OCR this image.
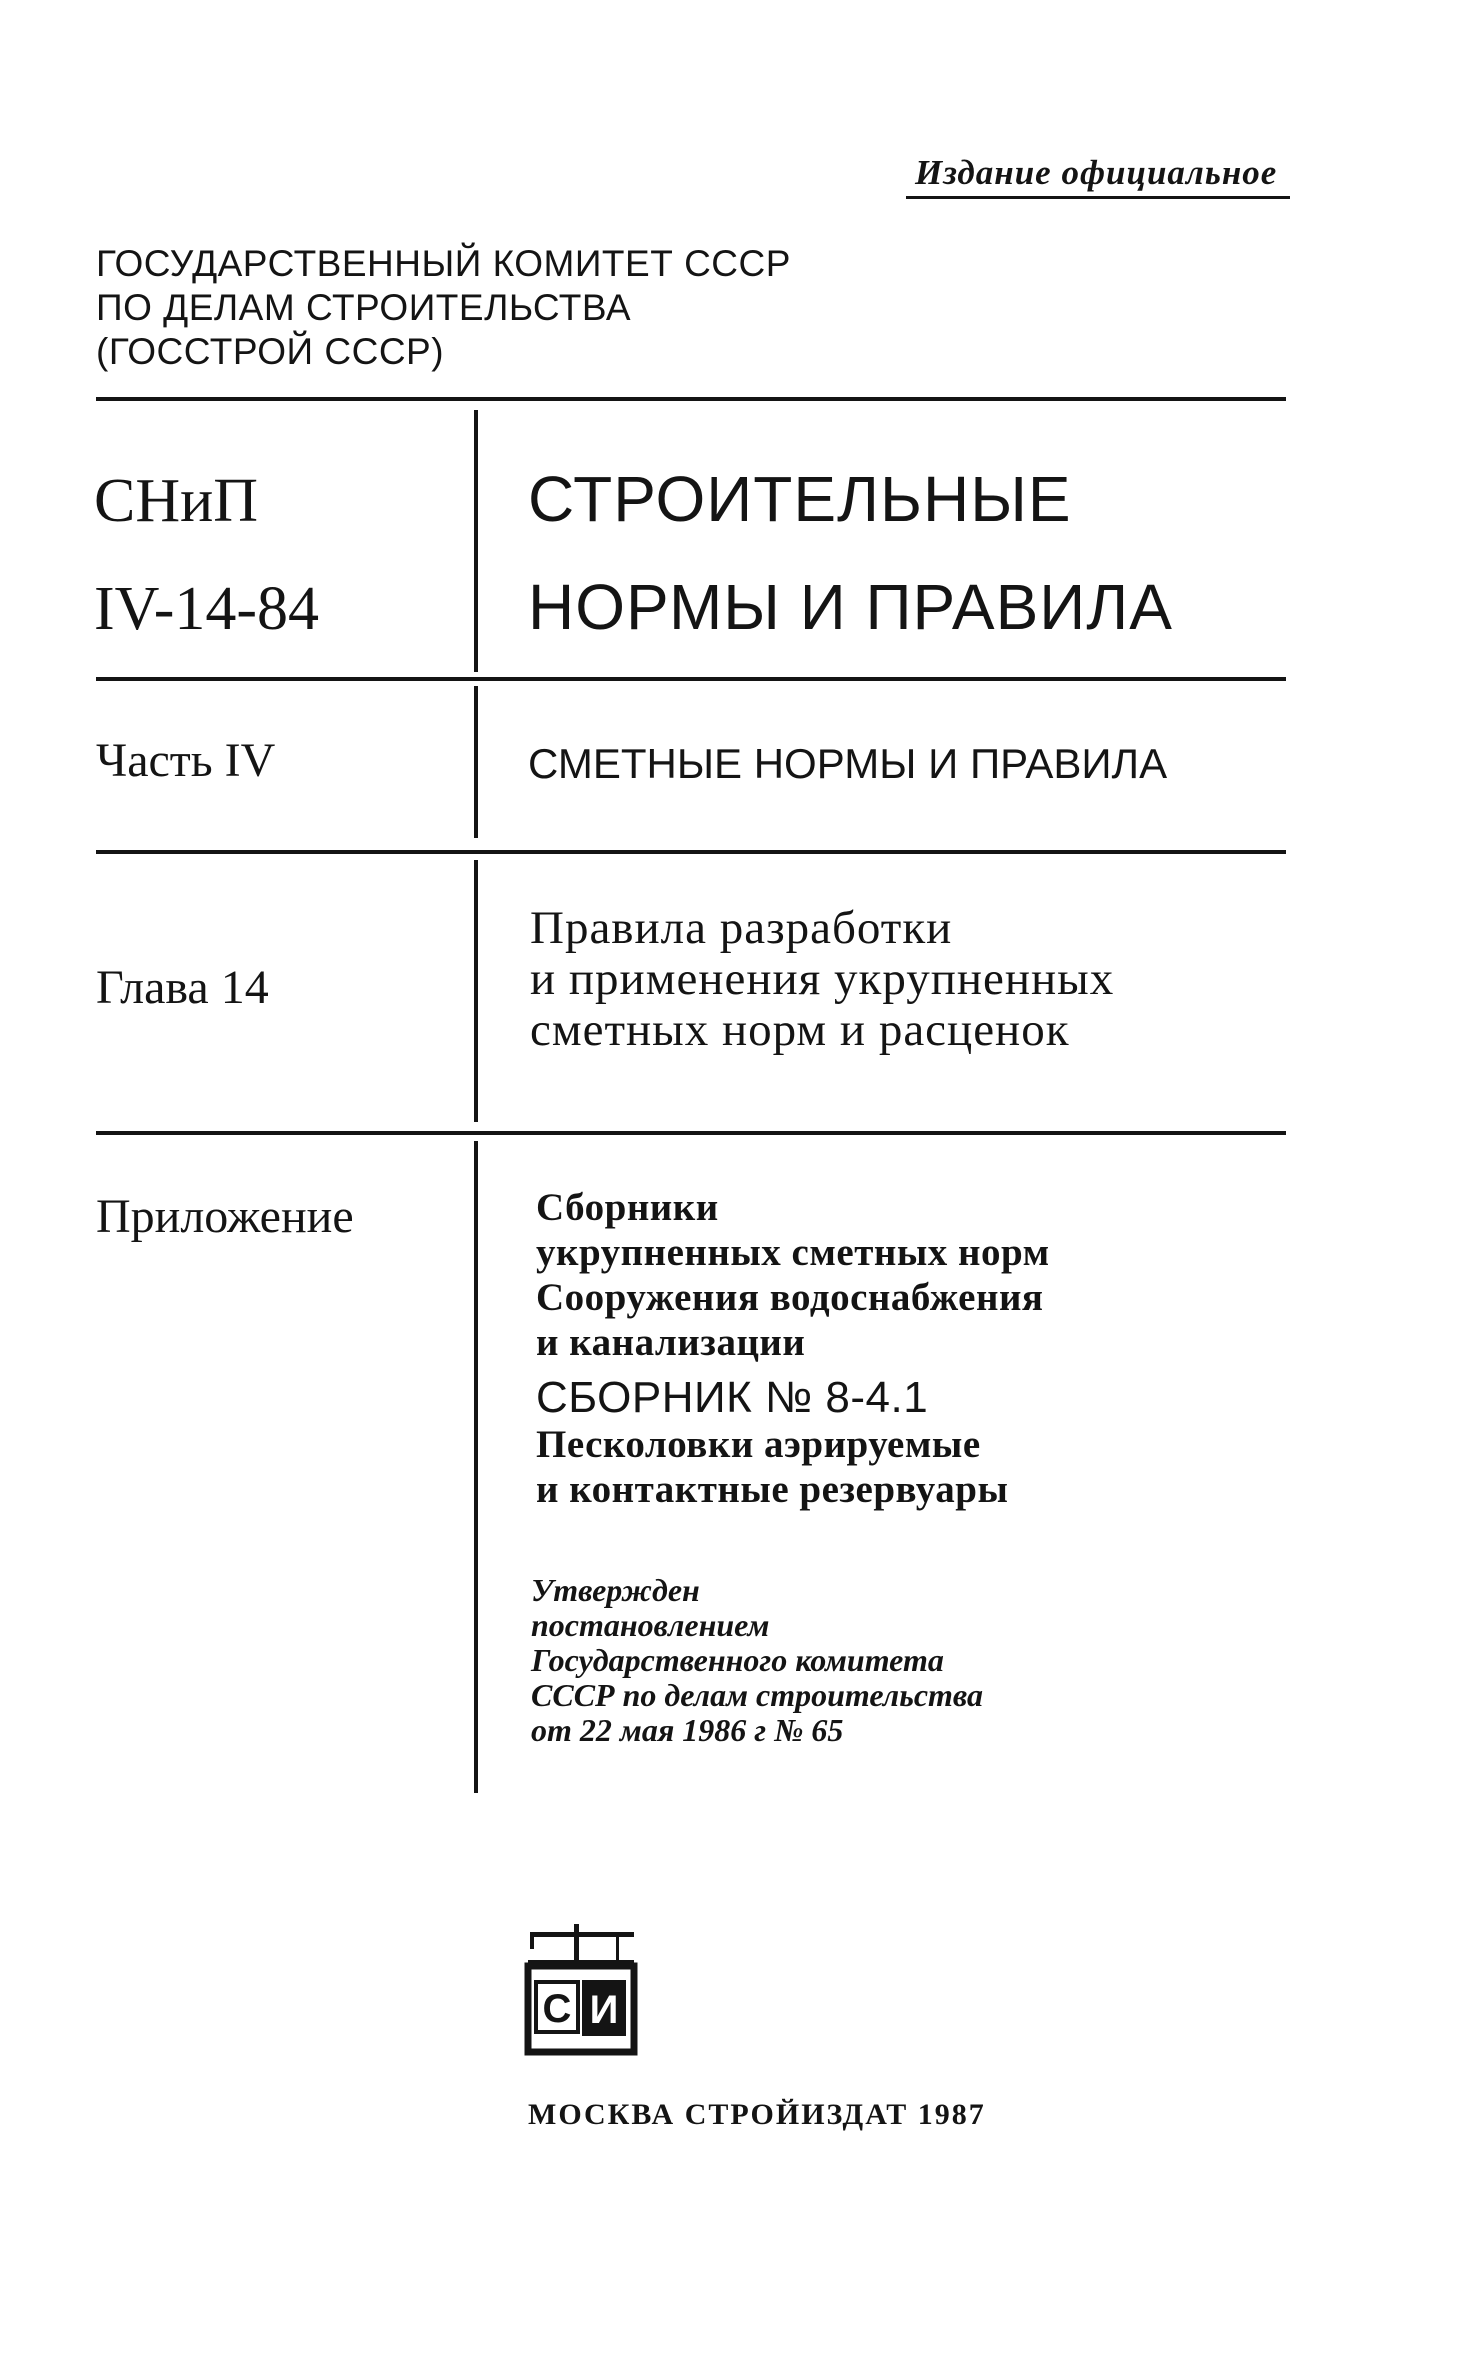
Издание официальное
ГОСУДАРСТВЕННЫЙ КОМИТЕТ СССР
ПО ДЕЛАМ СТРОИТЕЛЬСТВА
(ГОССТРОЙ СССР)
СНиП
IV-14-84
СТРОИТЕЛЬНЫЕ
НОРМЫ И ПРАВИЛА
Часть IV	СМЕТНЫЕ НОРМЫ И ПРАВИЛА
Глава 14
Правила разработки
и применения укрупненных
сметных норм и расценок
Приложение	Сборники
укрупненных сметных норм
Сооружения водоснабжения
и канализации
СБОРНИК № 8-4.1
Песколовки аэрируемые
и контактные резервуары
Утвержден
постановлением
Государственного комитета
СССР по делам строительства
от 22 мая 1986 г № 65
С И
МОСКВА СТРОЙИЗДАТ 1987
